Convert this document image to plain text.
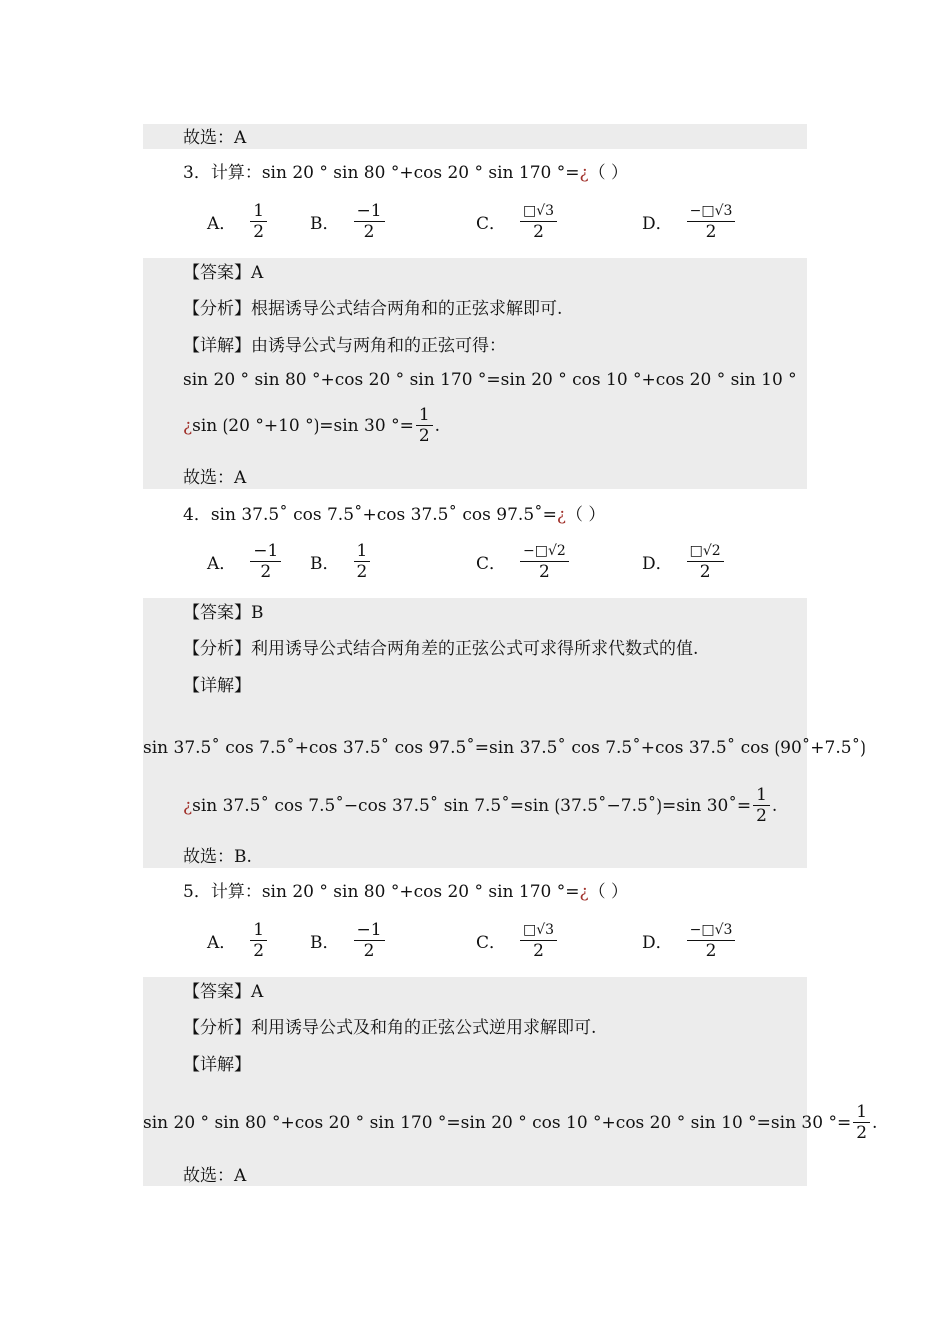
故选：A
3．计算：sin 20 ° sin 80 °+cos 20 ° sin 170 °=¿（ ）
A． $\frac{1}{2}$	B． $\frac{-1}{2}$	C． $\frac{□√3}{2}$	D． $\frac{-□√3}{2}$
【答案】A
【分析】根据诱导公式结合两角和的正弦求解即可.
【详解】由诱导公式与两角和的正弦可得：
sin 20 ° sin 80 °+cos 20 ° sin 170 °=sin 20 ° cos 10 °+cos 20 ° sin 10 °
¿ sin ⟮20 °+10 °⟯=sin 30 °= $\frac{1}{2}$ .
故选：A
4．sin 37.5˚ cos 7.5˚+cos 37.5˚ cos 97.5˚=¿（ ）
A． $\frac{-1}{2}$ B． $\frac{1}{2}$	C． $\frac{-□√2}{2}$	D． $\frac{□√2}{2}$
【答案】B
【分析】利用诱导公式结合两角差的正弦公式可求得所求代数式的值.
【详解】
sin 37.5˚ cos 7.5˚+cos 37.5˚ cos 97.5˚=sin 37.5˚ cos 7.5˚+cos 37.5˚ cos ⟮90˚+7.5˚⟯
¿ sin 37.5˚ cos 7.5˚−cos 37.5˚ sin 7.5˚=sin ⟮37.5˚−7.5˚⟯=sin 30˚= $\frac{1}{2}$ .
故选：B.
5．计算：sin 20 ° sin 80 °+cos 20 ° sin 170 °=¿（ ）
A． $\frac{1}{2}$	B． $\frac{-1}{2}$	C． $\frac{□√3}{2}$	D． $\frac{-□√3}{2}$
【答案】A
【分析】利用诱导公式及和角的正弦公式逆用求解即可.
【详解】
sin 20 ° sin 80 °+cos 20 ° sin 170 °=sin 20 ° cos 10 °+cos 20 ° sin 10 °=sin 30 °= $\frac{1}{2}$ .
故选：A
